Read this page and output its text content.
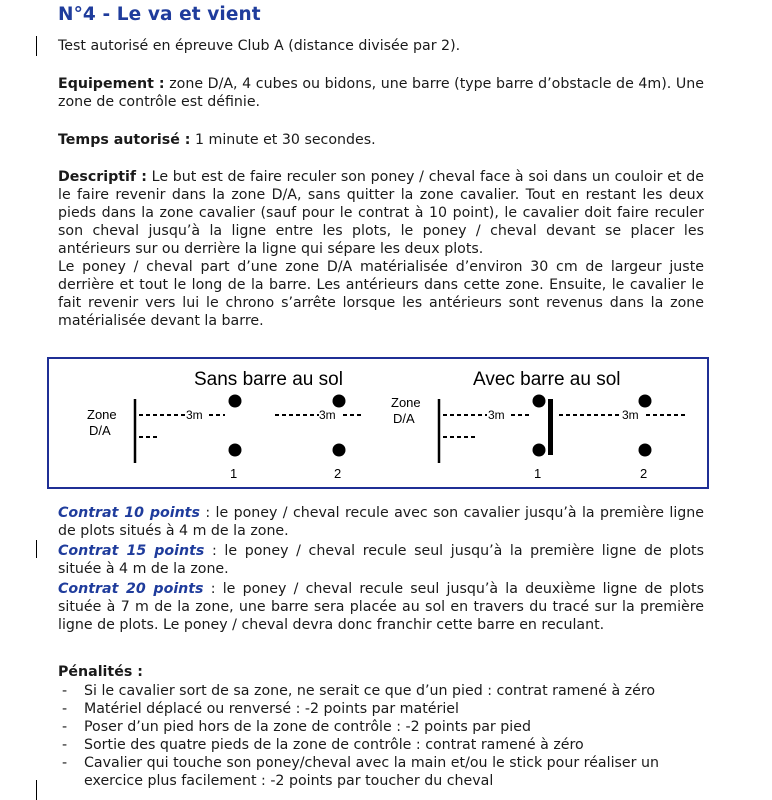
N°4 - Le va et vient

Test autorisé en épreuve Club A (distance divisée par 2).

Equipement : zone D/A, 4 cubes ou bidons, une barre (type barre d’obstacle de 4m). Une zone de contrôle est définie.

Temps autorisé : 1 minute et 30 secondes.

Descriptif : Le but est de faire reculer son poney / cheval face à soi dans un couloir et de le faire revenir dans la zone D/A, sans quitter la zone cavalier. Tout en restant les deux pieds dans la zone cavalier (sauf pour le contrat à 10 point), le cavalier doit faire reculer son cheval jusqu’à la ligne entre les plots, le poney / cheval devant se placer les antérieurs sur ou derrière la ligne qui sépare les deux plots.
Le poney / cheval part d’une zone D/A matérialisée d’environ 30 cm de largeur juste derrière et tout le long de la barre. Les antérieurs dans cette zone. Ensuite, le cavalier le fait revenir vers lui le chrono s’arrête lorsque les antérieurs sont revenus dans la zone matérialisée devant la barre.

Sans barre au sol	Avec barre au sol
Zone
D/A
3m	3m
1	2
Zone
D/A	3m	3m
1	2

Contrat 10 points : le poney / cheval recule avec son cavalier jusqu’à la première ligne de plots situés à 4 m de la zone.

Contrat 15 points : le poney / cheval recule seul jusqu’à la première ligne de plots située à 4 m de la zone.

Contrat 20 points : le poney / cheval recule seul jusqu’à la deuxième ligne de plots située à 7 m de la zone, une barre sera placée au sol en travers du tracé sur la première ligne de plots. Le poney / cheval devra donc franchir cette barre en reculant.

Pénalités :
- Si le cavalier sort de sa zone, ne serait ce que d’un pied : contrat ramené à zéro
- Matériel déplacé ou renversé : -2 points par matériel
- Poser d’un pied hors de la zone de contrôle : -2 points par pied
- Sortie des quatre pieds de la zone de contrôle : contrat ramené à zéro
- Cavalier qui touche son poney/cheval avec la main et/ou le stick pour réaliser un exercice plus facilement : -2 points par toucher du cheval
